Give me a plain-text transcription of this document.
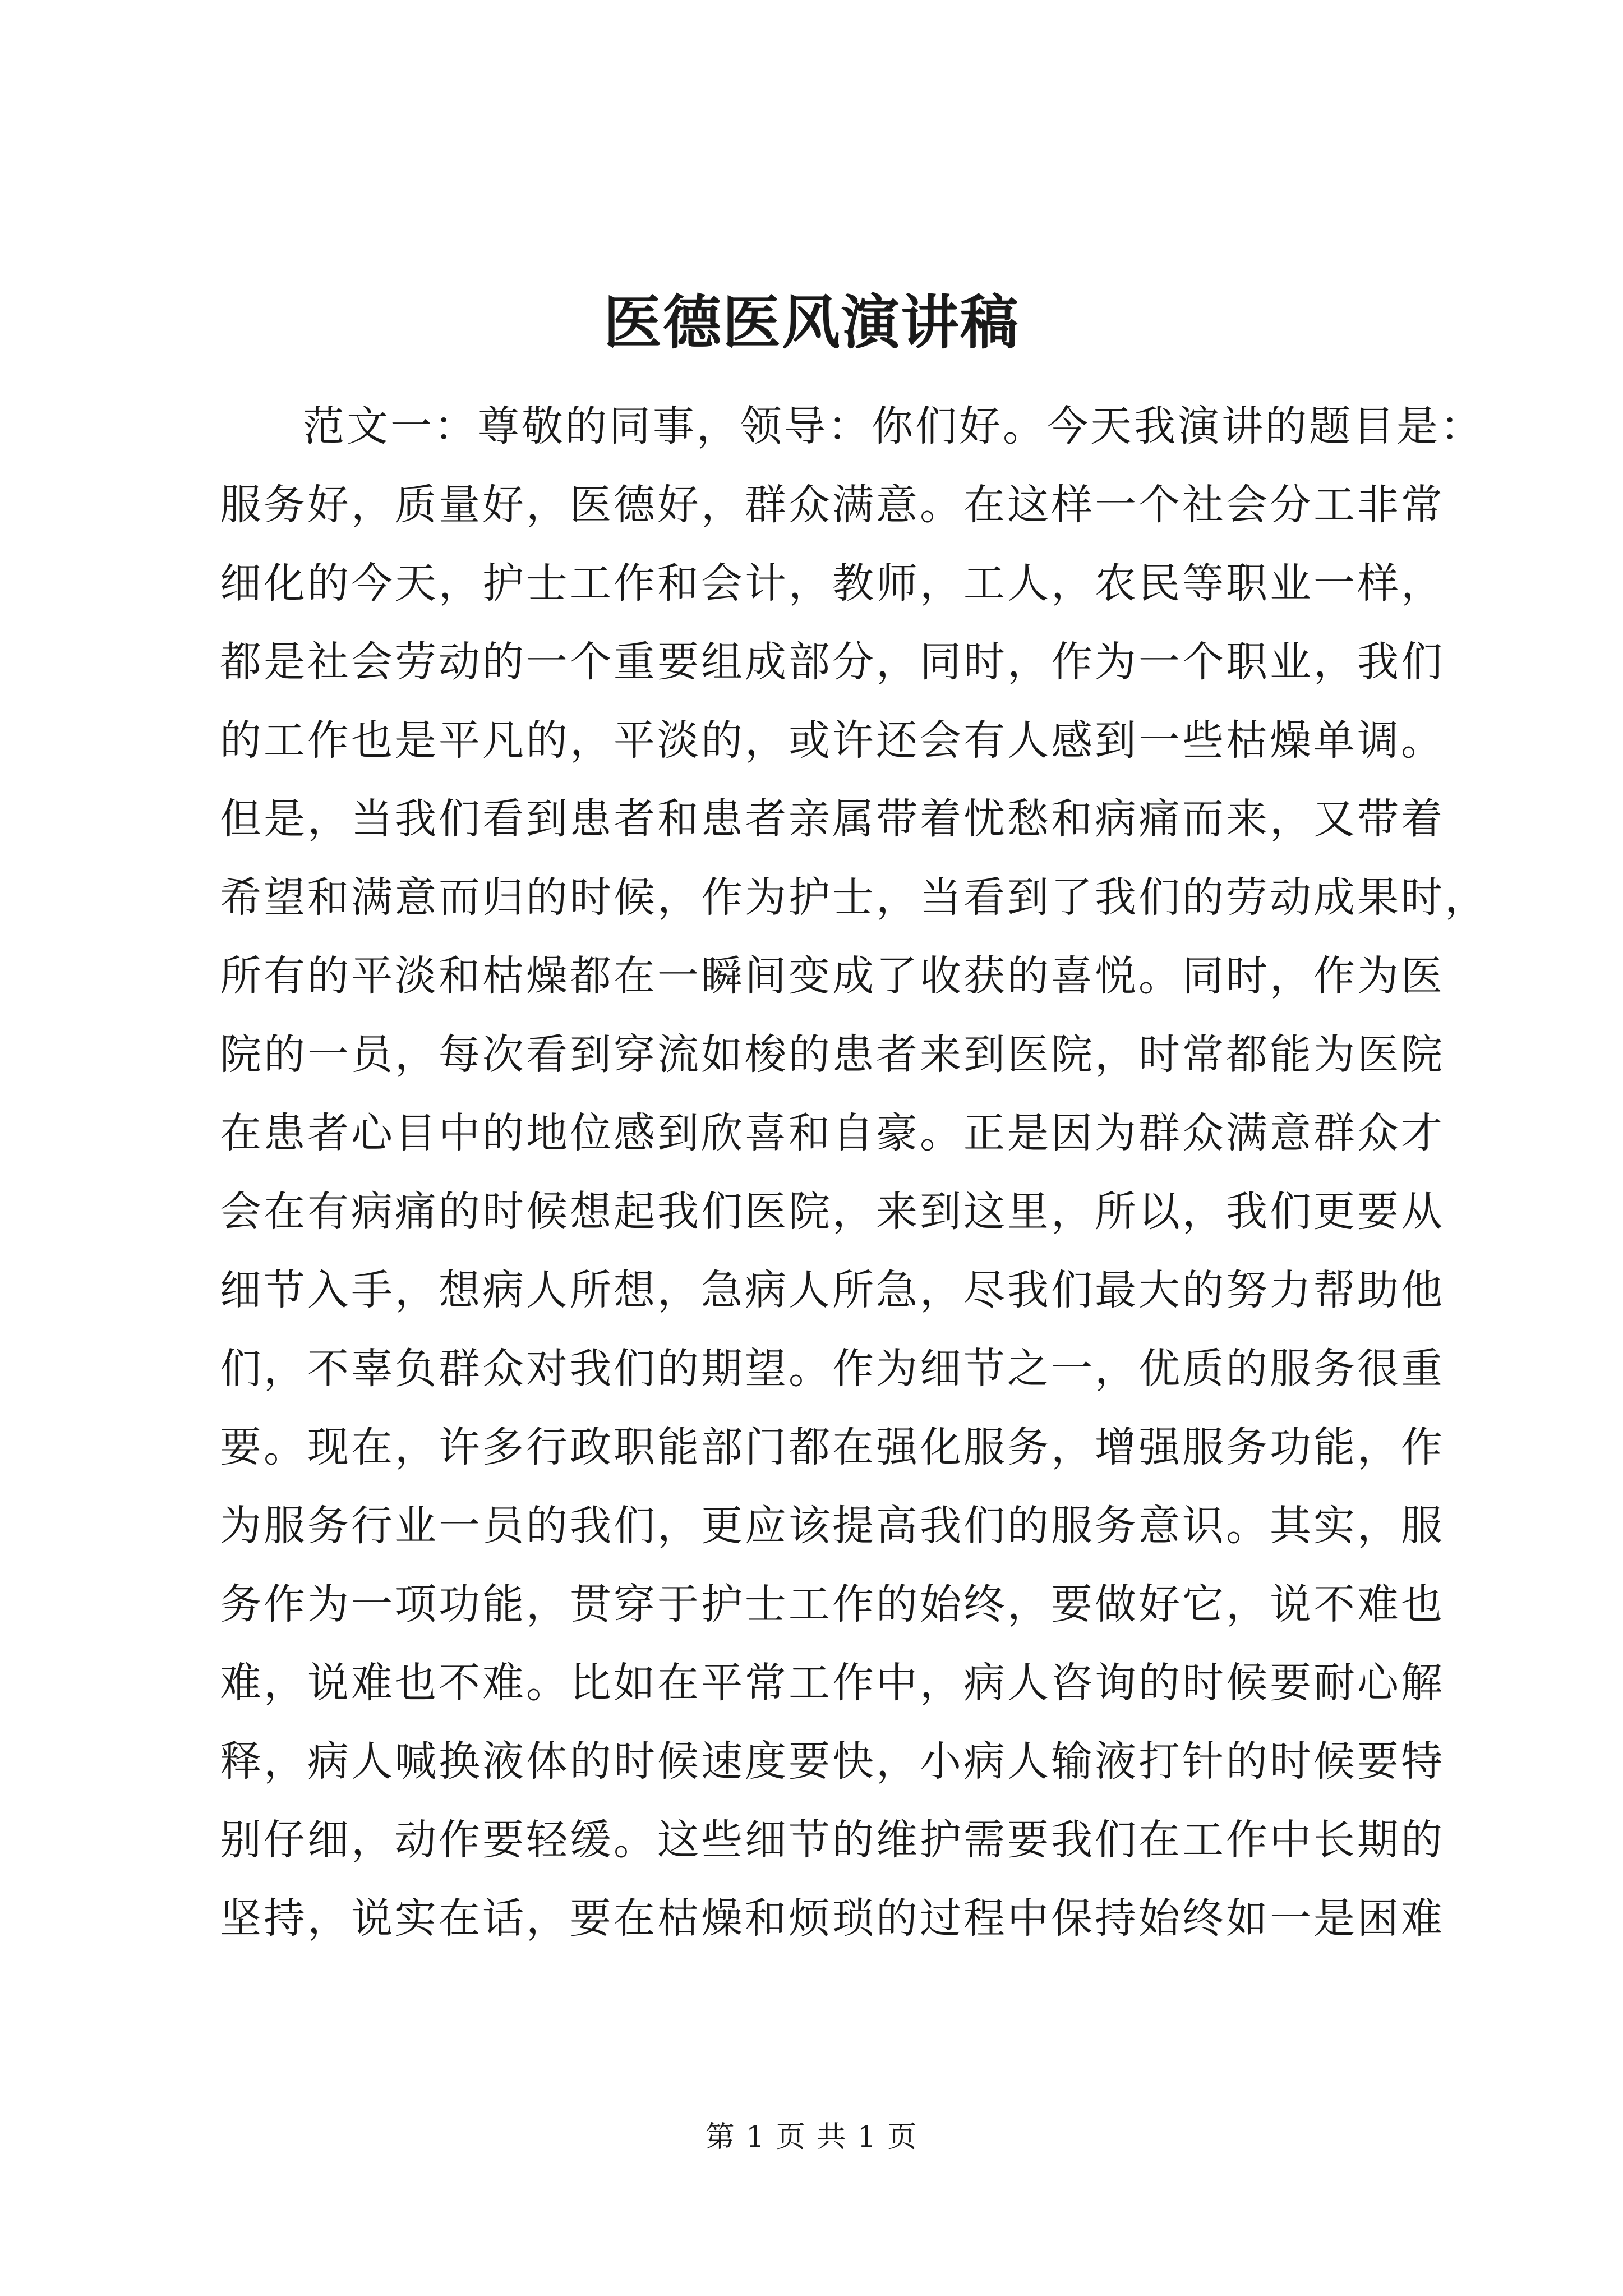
医德医风演讲稿
范文一：尊敬的同事，领导：你们好。今天我演讲的题目是：
服务好，质量好，医德好，群众满意。在这样一个社会分工非常
细化的今天，护士工作和会计，教师，工人，农民等职业一样，
都是社会劳动的一个重要组成部分，同时，作为一个职业，我们
的工作也是平凡的，平淡的，或许还会有人感到一些枯燥单调。
但是，当我们看到患者和患者亲属带着忧愁和病痛而来，又带着
希望和满意而归的时候，作为护士，当看到了我们的劳动成果时，
所有的平淡和枯燥都在一瞬间变成了收获的喜悦。同时，作为医
院的一员，每次看到穿流如梭的患者来到医院，时常都能为医院
在患者心目中的地位感到欣喜和自豪。正是因为群众满意群众才
会在有病痛的时候想起我们医院，来到这里，所以，我们更要从
细节入手，想病人所想，急病人所急，尽我们最大的努力帮助他
们，不辜负群众对我们的期望。作为细节之一，优质的服务很重
要。现在，许多行政职能部门都在强化服务，增强服务功能，作
为服务行业一员的我们，更应该提高我们的服务意识。其实，服
务作为一项功能，贯穿于护士工作的始终，要做好它，说不难也
难，说难也不难。比如在平常工作中，病人咨询的时候要耐心解
释，病人喊换液体的时候速度要快，小病人输液打针的时候要特
别仔细，动作要轻缓。这些细节的维护需要我们在工作中长期的
坚持，说实在话，要在枯燥和烦琐的过程中保持始终如一是困难
第 1 页 共 1 页
